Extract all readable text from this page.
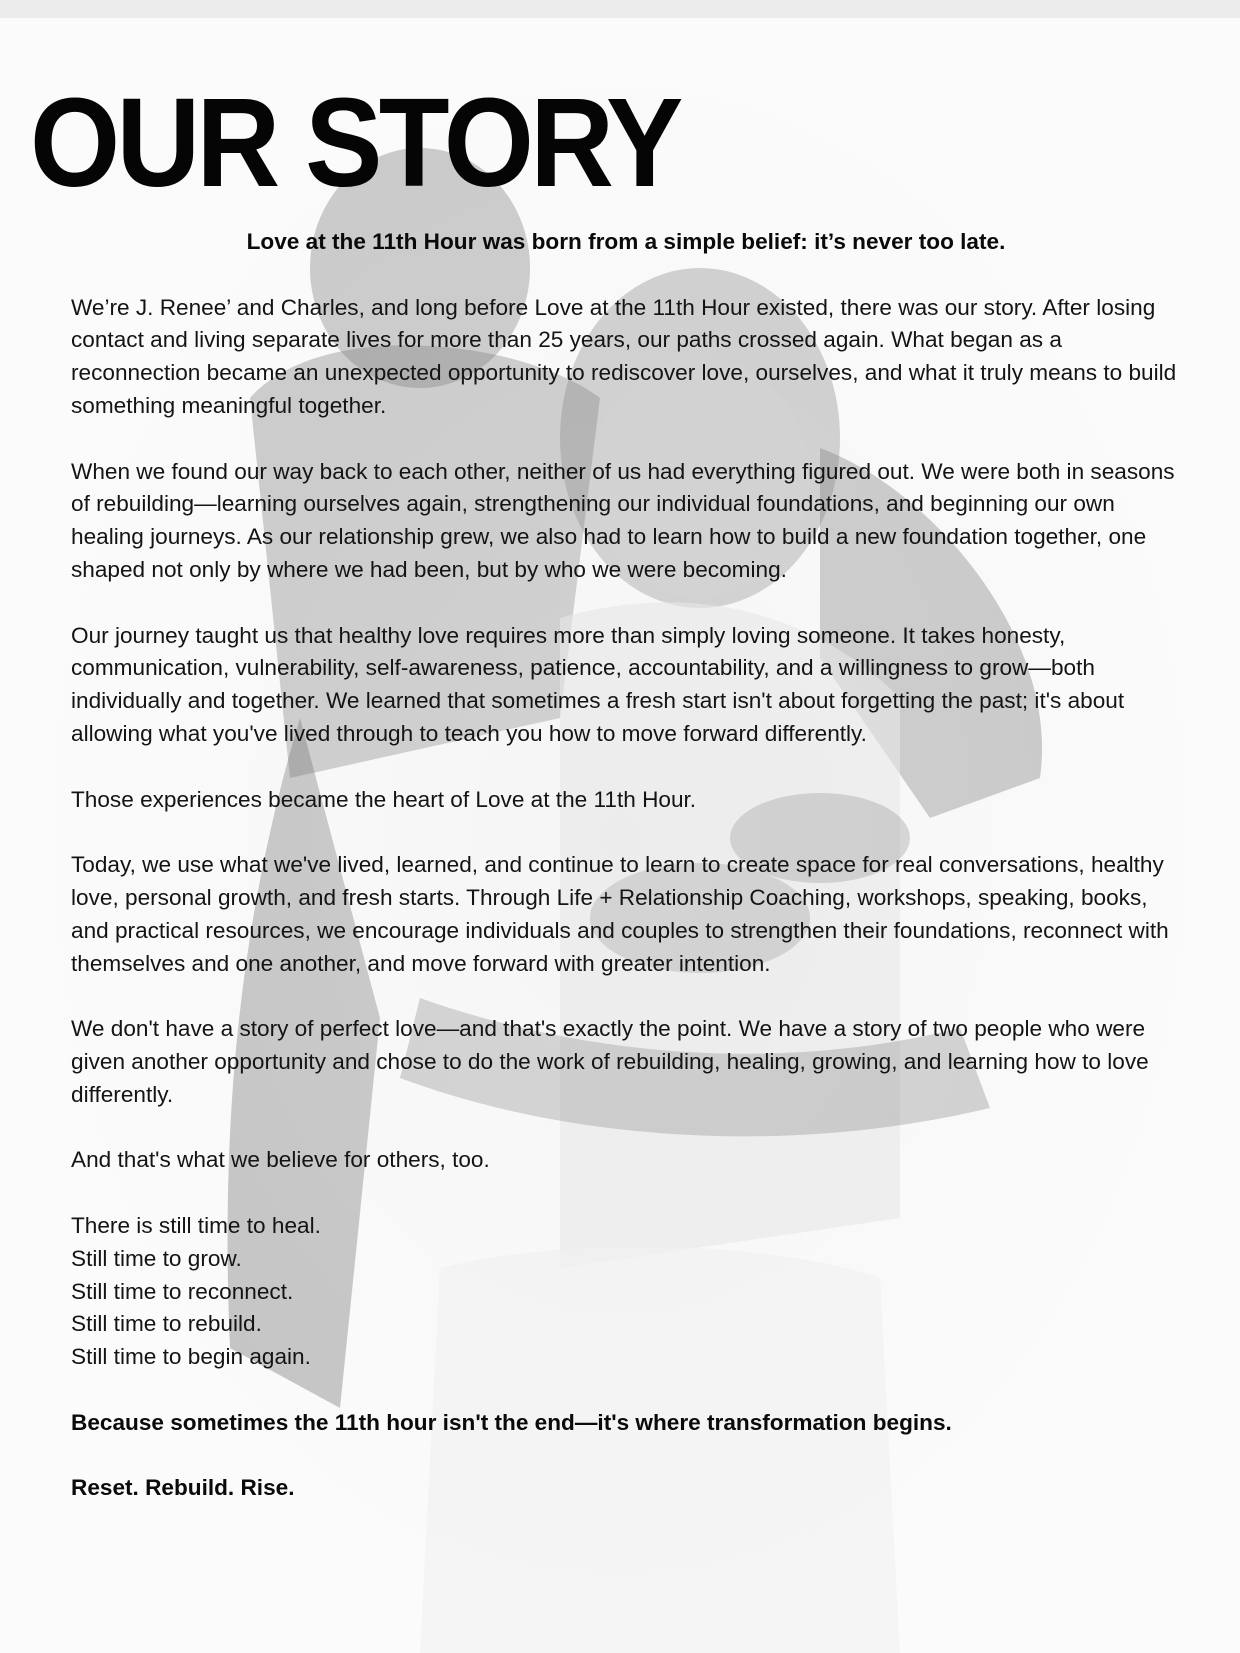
OUR STORY

Love at the 11th Hour was born from a simple belief: it’s never too late.

We’re J. Renee’ and Charles, and long before Love at the 11th Hour existed, there was our story. After losing contact and living separate lives for more than 25 years, our paths crossed again. What began as a reconnection became an unexpected opportunity to rediscover love, ourselves, and what it truly means to build something meaningful together.

When we found our way back to each other, neither of us had everything figured out. We were both in seasons of rebuilding—learning ourselves again, strengthening our individual foundations, and beginning our own healing journeys. As our relationship grew, we also had to learn how to build a new foundation together, one shaped not only by where we had been, but by who we were becoming.

Our journey taught us that healthy love requires more than simply loving someone. It takes honesty, communication, vulnerability, self-awareness, patience, accountability, and a willingness to grow—both individually and together. We learned that sometimes a fresh start isn't about forgetting the past; it's about allowing what you've lived through to teach you how to move forward differently.

Those experiences became the heart of Love at the 11th Hour.

Today, we use what we've lived, learned, and continue to learn to create space for real conversations, healthy love, personal growth, and fresh starts. Through Life + Relationship Coaching, workshops, speaking, books, and practical resources, we encourage individuals and couples to strengthen their foundations, reconnect with themselves and one another, and move forward with greater intention.

We don't have a story of perfect love—and that's exactly the point. We have a story of two people who were given another opportunity and chose to do the work of rebuilding, healing, growing, and learning how to love differently.

And that's what we believe for others, too.

There is still time to heal.
Still time to grow.
Still time to reconnect.
Still time to rebuild.
Still time to begin again.

Because sometimes the 11th hour isn't the end—it's where transformation begins.

Reset. Rebuild. Rise.
